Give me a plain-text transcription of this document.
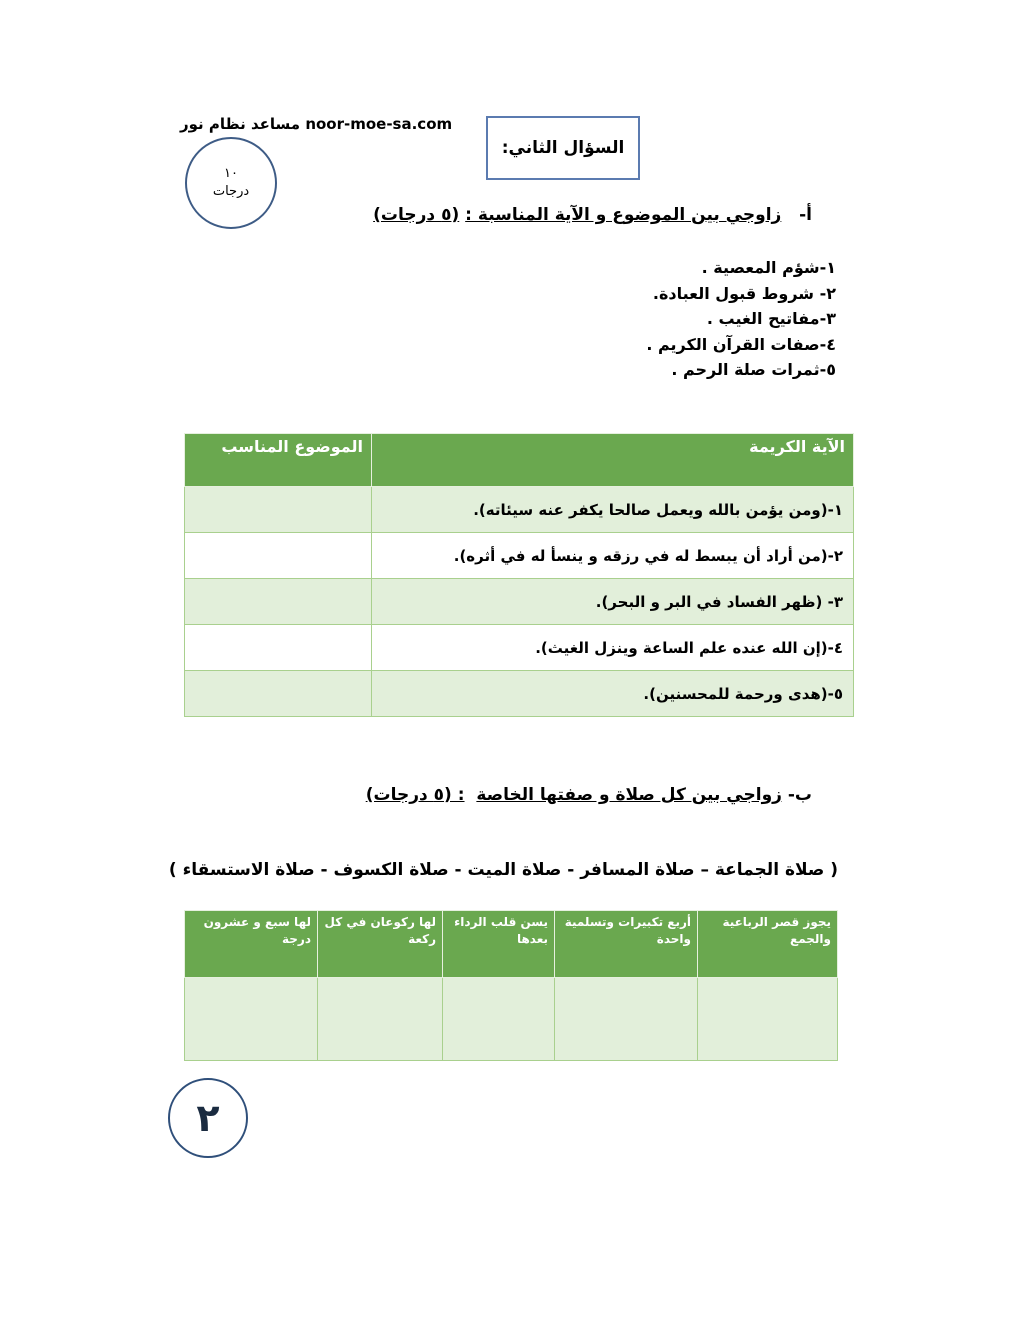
مساعد نظام نور noor-moe-sa.com
١٠
درجات
السؤال الثاني:
أ-   زاوجي بين الموضوع و الآية المناسبة : (٥ درجات)
١-شؤم المعصية .
٢- شروط قبول العبادة.
٣-مفاتيح الغيب .
٤-صفات القرآن الكريم .
٥-ثمرات صلة الرحم .
الموضوع المناسب	الآية الكريمة
	١-(ومن يؤمن بالله ويعمل صالحا يكفر عنه سيئاته).
	٢-(من أراد أن يبسط له في رزقه و ينسأ له في أثره).
	٣- (ظهر الفساد في البر و البحر).
	٤-(إن الله عنده علم الساعة وينزل الغيث).
	٥-(هدى ورحمة للمحسنين).
ب- زواجي بين كل صلاة و صفتها الخاصة  : (٥ درجات)
( صلاة الجماعة – صلاة المسافر - صلاة الميت - صلاة الكسوف - صلاة الاستسقاء )
لها سبع و عشرون درجة	لها ركوعان في كل ركعة	يسن قلب الرداء بعدها	أربع تكبيرات وتسلمية واحدة	يجوز قصر الرباعية والجمع

٢
